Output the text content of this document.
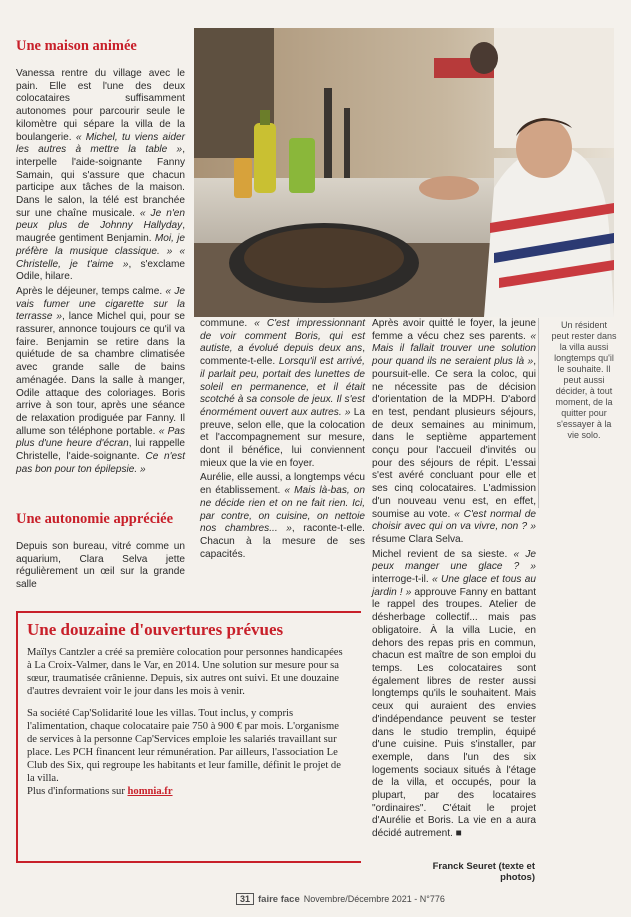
Une maison animée

Vanessa rentre du village avec le pain. Elle est l'une des deux colocataires suffisamment autonomes pour parcourir seule le kilomètre qui sépare la villa de la boulangerie. « Michel, tu viens aider les autres à mettre la table », interpelle l'aide-soignante Fanny Samain, qui s'assure que chacun participe aux tâches de la maison. Dans le salon, la télé est branchée sur une chaîne musicale. « Je n'en peux plus de Johnny Hallyday, maugrée gentiment Benjamin. Moi, je préfère la musique classique. » « Christelle, je t'aime », s'exclame Odile, hilare.

Après le déjeuner, temps calme. « Je vais fumer une cigarette sur la terrasse », lance Michel qui, pour se rassurer, annonce toujours ce qu'il va faire. Benjamin se retire dans la quiétude de sa chambre climatisée avec grande salle de bains aménagée. Dans la salle à manger, Odile attaque des coloriages. Boris arrive à son tour, après une séance de relaxation prodiguée par Fanny. Il allume son téléphone portable. « Pas plus d'une heure d'écran, lui rappelle Christelle, l'aide-soignante. Ce n'est pas bon pour ton épilepsie. »

Une autonomie appréciée

Depuis son bureau, vitré comme un aquarium, Clara Selva jette régulièrement un œil sur la grande salle

Un résident peut rester dans la villa aussi longtemps qu'il le souhaite. Il peut aussi décider, à tout moment, de la quitter pour s'essayer à la vie solo.

commune. « C'est impressionnant de voir comment Boris, qui est autiste, a évolué depuis deux ans, commente-t-elle. Lorsqu'il est arrivé, il parlait peu, portait des lunettes de soleil en permanence, et il était scotché à sa console de jeux. Il s'est énormément ouvert aux autres. » La preuve, selon elle, que la colocation et l'accompagnement sur mesure, dont il bénéfice, lui conviennent mieux que la vie en foyer.

Aurélie, elle aussi, a longtemps vécu en établissement. « Mais là-bas, on ne décide rien et on ne fait rien. Ici, par contre, on cuisine, on nettoie nos chambres... », raconte-t-elle. Chacun à la mesure de ses capacités.

Après avoir quitté le foyer, la jeune femme a vécu chez ses parents. « Mais il fallait trouver une solution pour quand ils ne seraient plus là », poursuit-elle. Ce sera la coloc, qui ne nécessite pas de décision d'orientation de la MDPH. D'abord en test, pendant plusieurs séjours, de deux semaines au minimum, dans le septième appartement conçu pour l'accueil d'invités ou pour des séjours de répit. L'essai s'est avéré concluant pour elle et ses cinq colocataires. L'admission d'un nouveau venu est, en effet, soumise au vote. « C'est normal de choisir avec qui on va vivre, non ? » résume Clara Selva.

Michel revient de sa sieste. « Je peux manger une glace ? » interroge-t-il. « Une glace et tous au jardin ! » approuve Fanny en battant le rappel des troupes. Atelier de désherbage collectif... mais pas obligatoire. À la villa Lucie, en dehors des repas pris en commun, chacun est maître de son emploi du temps. Les colocataires sont également libres de rester aussi longtemps qu'ils le souhaitent. Mais ceux qui auraient des envies d'indépendance peuvent se tester dans le studio tremplin, équipé d'une cuisine. Puis s'installer, par exemple, dans l'un des six logements sociaux situés à l'étage de la villa, et occupés, pour la plupart, par des locataires "ordinaires". C'était le projet d'Aurélie et Boris. La vie en a aura décidé autrement. ■

Une douzaine d'ouvertures prévues

Maïlys Cantzler a créé sa première colocation pour personnes handicapées à La Croix-Valmer, dans le Var, en 2014. Une solution sur mesure pour sa sœur, traumatisée crânienne. Depuis, six autres ont suivi. Et une douzaine d'autres devraient voir le jour dans les mois à venir.

Sa société Cap'Solidarité loue les villas. Tout inclus, y compris l'alimentation, chaque colocataire paie 750 à 900 € par mois. L'organisme de services à la personne Cap'Services emploie les salariés travaillant sur place. Les PCH financent leur rémunération. Par ailleurs, l'association Le Club des Six, qui regroupe les habitants et leur famille, définit le projet de la villa.
Plus d'informations sur homnia.fr

Franck Seuret (texte et photos)
31 faire face Novembre/Décembre 2021 - N°776
